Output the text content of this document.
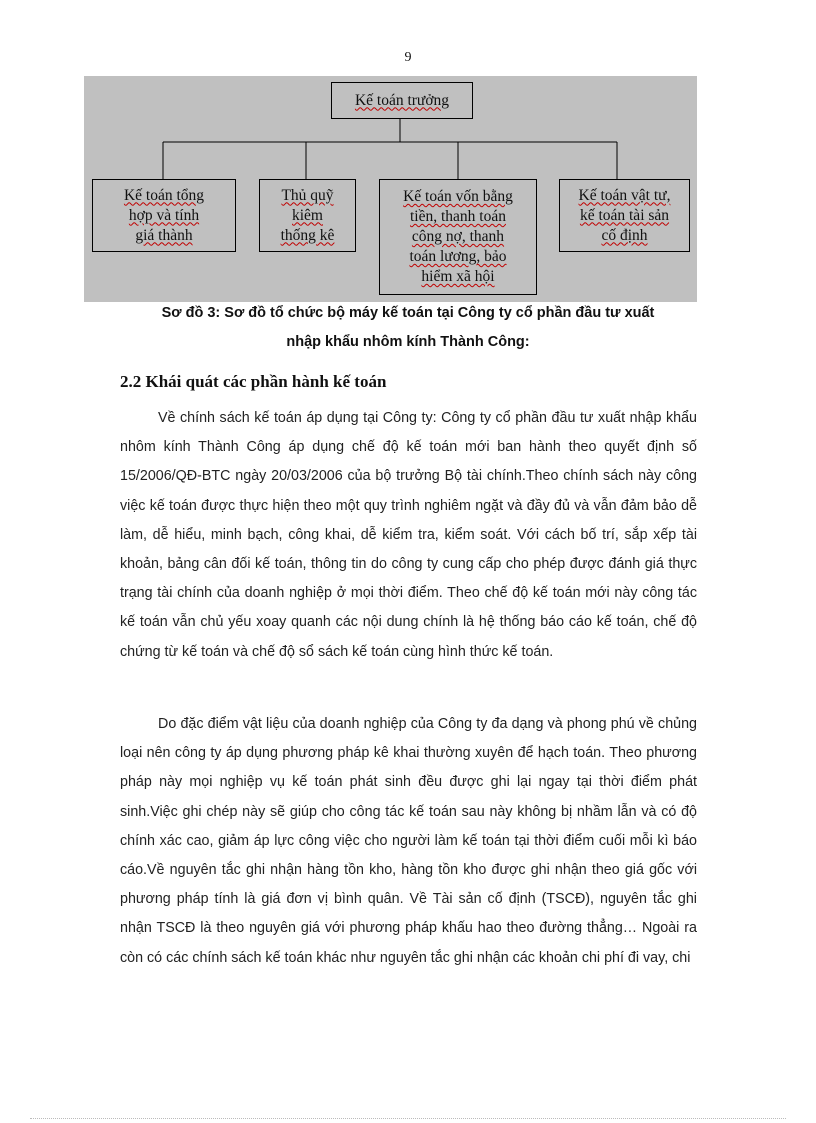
9
Kế toán trưởng
Kế toán tổng
hợp và tính
giá thành
Thủ quỹ
kiêm
thống kê
Kế toán vốn bằng
tiền, thanh toán
công nợ, thanh
toán lương, bảo
hiểm xã hội
Kế toán vật tư,
kế toán tài sản
cố định
Sơ đồ 3: Sơ đồ tổ chức bộ máy kế toán tại Công ty cổ phần đầu tư xuất
nhập khẩu nhôm kính Thành Công:
2.2 Khái quát các phần hành kế toán

Về chính sách kế toán áp dụng tại Công ty: Công ty cổ phần đầu tư xuất nhập khẩu nhôm kính Thành Công áp dụng chế độ kế toán mới ban hành theo quyết định số 15/2006/QĐ-BTC ngày 20/03/2006 của bộ trưởng Bộ tài chính.Theo chính sách này công việc kế toán được thực hiện theo một quy trình nghiêm ngặt và đầy đủ và vẫn đảm bảo dễ làm, dễ hiểu, minh bạch, công khai, dễ kiểm tra, kiểm soát. Với cách bố trí, sắp xếp tài khoản, bảng cân đối kế toán, thông tin do công ty cung cấp cho phép được đánh giá thực trạng tài chính của doanh nghiệp ở mọi thời điểm. Theo chế độ kế toán mới này công tác kế toán vẫn chủ yếu xoay quanh các nội dung chính là hệ thống báo cáo kế toán, chế độ chứng từ kế toán và chế độ sổ sách kế toán cùng hình thức kế toán.

Do đặc điểm vật liệu của doanh nghiệp của Công ty đa dạng và phong phú về chủng loại nên công ty áp dụng phương pháp kê khai thường xuyên để hạch toán. Theo phương pháp này mọi nghiệp vụ kế toán phát sinh đều được ghi lại ngay tại thời điểm phát sinh.Việc ghi chép này sẽ giúp cho công tác kế toán sau này không bị nhầm lẫn và có độ chính xác cao, giảm áp lực công việc cho người làm kế toán tại thời điểm cuối mỗi kì báo cáo.Về nguyên tắc ghi nhận hàng tồn kho, hàng tồn kho được ghi nhận theo giá gốc với phương pháp tính là giá đơn vị bình quân. Về Tài sản cố định (TSCĐ), nguyên tắc ghi nhận TSCĐ là theo nguyên giá với phương pháp khấu hao theo đường thẳng… Ngoài ra còn có các chính sách kế toán khác như nguyên tắc ghi nhận các khoản chi phí đi vay, chi
